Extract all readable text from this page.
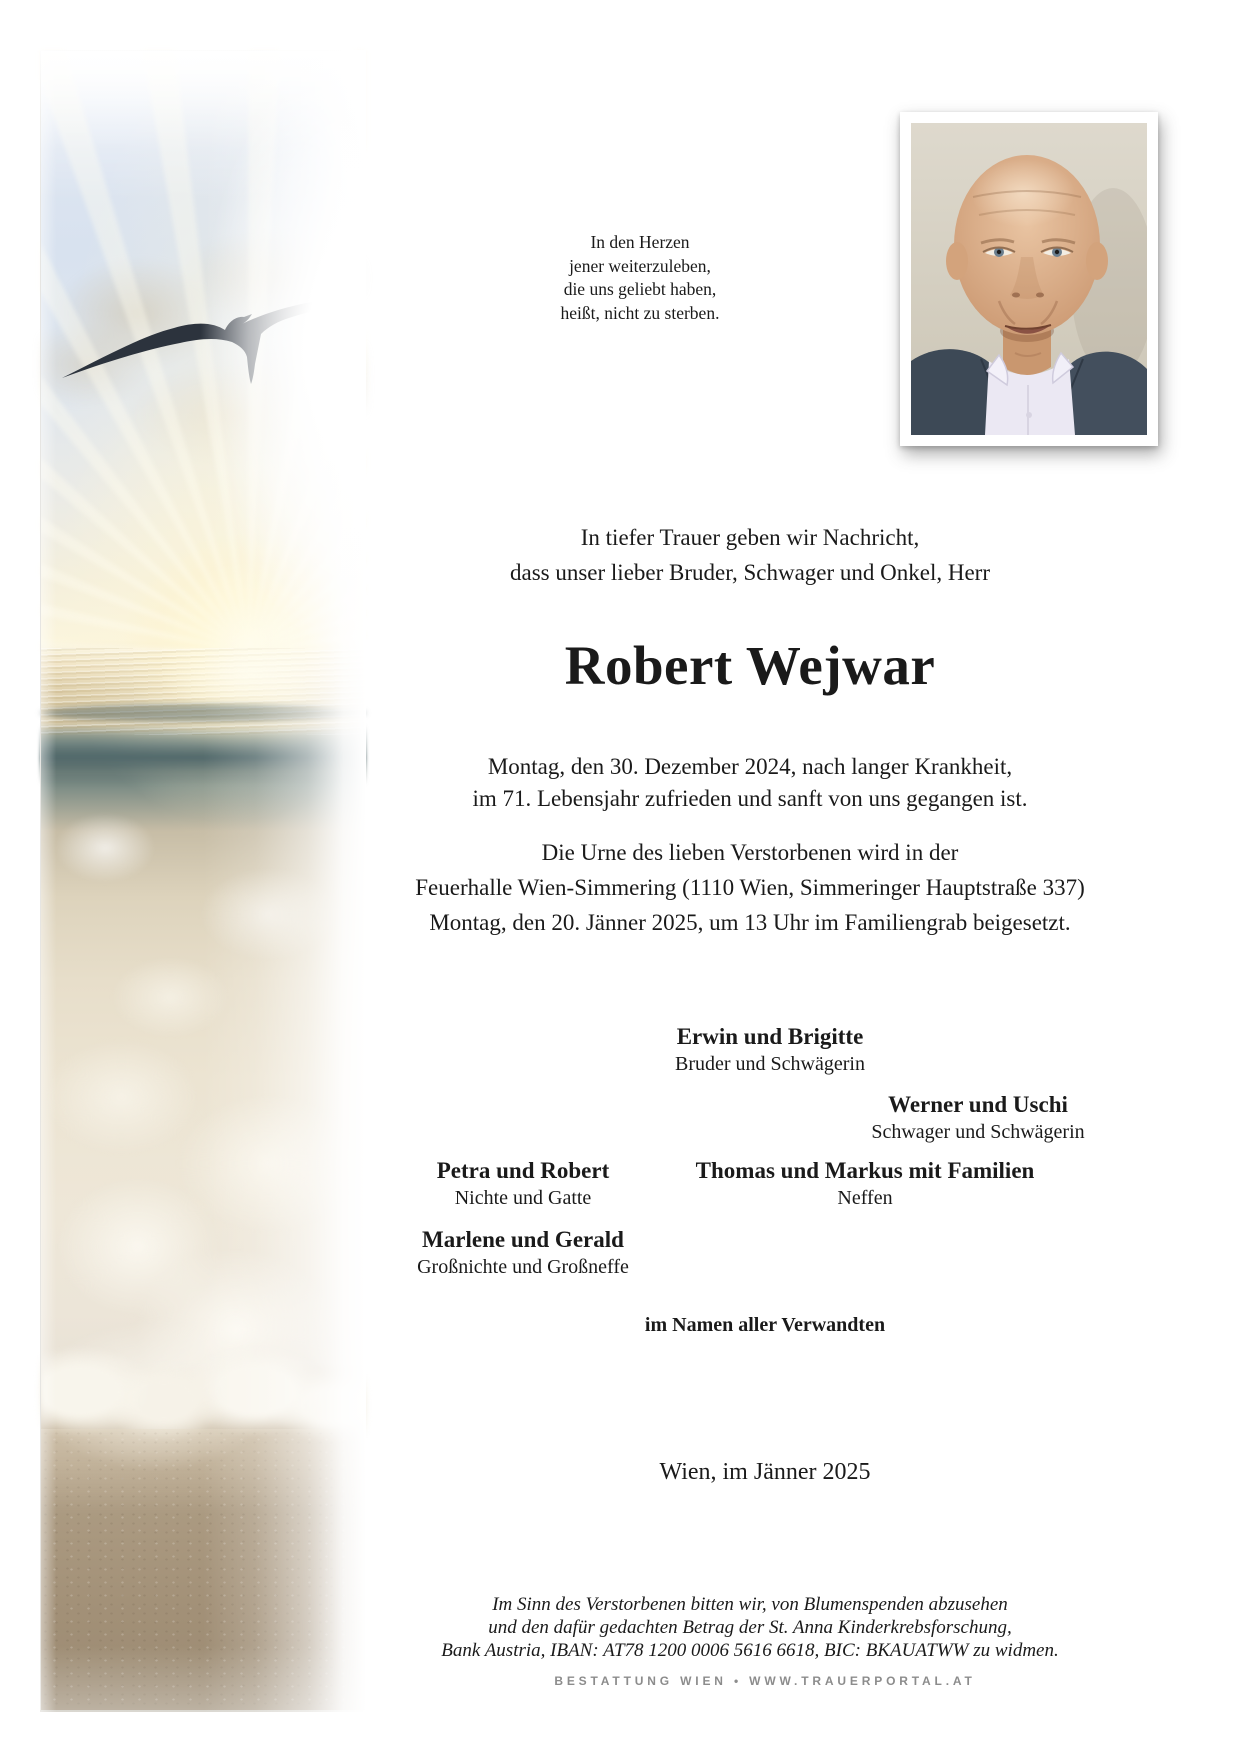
In den Herzen
jener weiterzuleben,
die uns geliebt haben,
heißt, nicht zu sterben.
In tiefer Trauer geben wir Nachricht,
dass unser lieber Bruder, Schwager und Onkel, Herr
Robert Wejwar
Montag, den 30. Dezember 2024, nach langer Krankheit,
im 71. Lebensjahr zufrieden und sanft von uns gegangen ist.
Die Urne des lieben Verstorbenen wird in der
Feuerhalle Wien-Simmering (1110 Wien, Simmeringer Hauptstraße 337)
Montag, den 20. Jänner 2025, um 13 Uhr im Familiengrab beigesetzt.
Erwin und Brigitte
Bruder und Schwägerin
Werner und Uschi
Schwager und Schwägerin
Petra und Robert
Nichte und Gatte
Thomas und Markus mit Familien
Neffen
Marlene und Gerald
Großnichte und Großneffe
im Namen aller Verwandten
Wien, im Jänner 2025
Im Sinn des Verstorbenen bitten wir, von Blumenspenden abzusehen
und den dafür gedachten Betrag der St. Anna Kinderkrebsforschung,
Bank Austria, IBAN: AT78 1200 0006 5616 6618, BIC: BKAUATWW zu widmen.
BESTATTUNG WIEN • WWW.TRAUERPORTAL.AT
